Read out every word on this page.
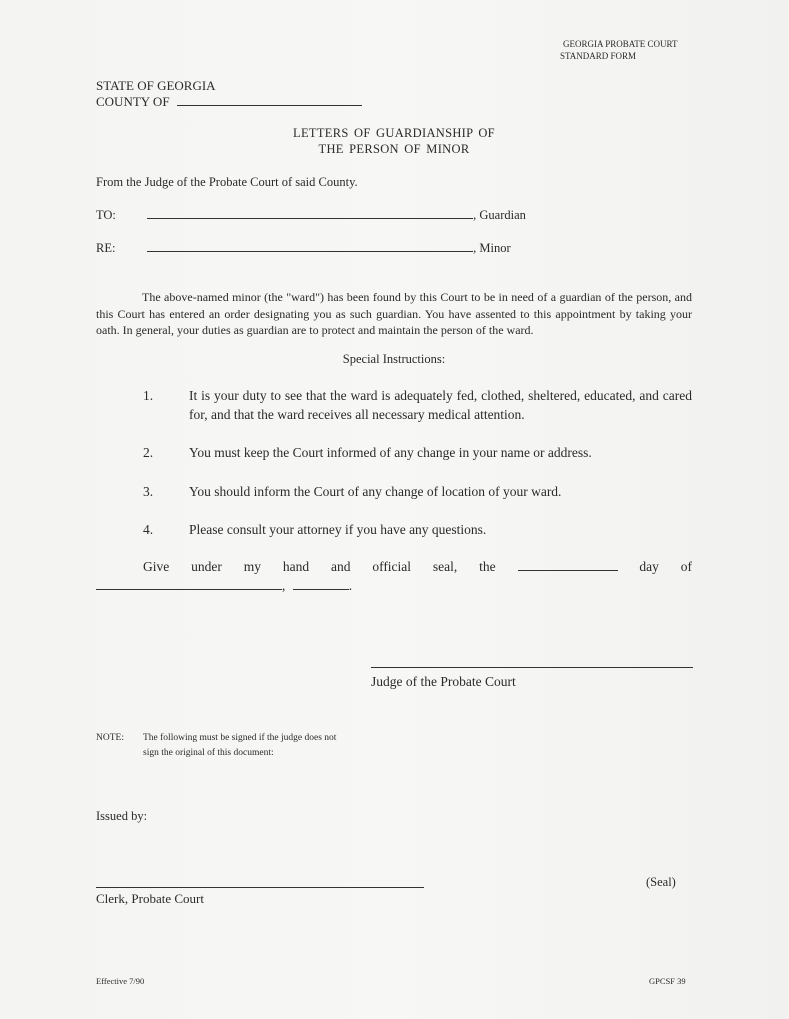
GEORGIA PROBATE COURT
STANDARD FORM
STATE OF GEORGIA
COUNTY OF
LETTERS OF GUARDIANSHIP OF
THE PERSON OF MINOR
From the Judge of the Probate Court of said County.
TO:	, Guardian
RE:	, Minor
The above-named minor (the "ward") has been found by this Court to be in need of a guardian of the person, and this Court has entered an order designating you as such guardian. You have assented to this appointment by taking your oath. In general, your duties as guardian are to protect and maintain the person of the ward.
Special Instructions:
1.	It is your duty to see that the ward is adequately fed, clothed, sheltered, educated, and cared for, and that the ward receives all necessary medical attention.
2.	You must keep the Court informed of any change in your name or address.
3.	You should inform the Court of any change of location of your ward.
4.	Please consult your attorney if you have any questions.
Give under my hand and official seal, the	day of
,	.
Judge of the Probate Court
NOTE: The following must be signed if the judge does not
sign the original of this document:
Issued by:
Clerk, Probate Court
(Seal)
Effective 7/90	GPCSF 39
